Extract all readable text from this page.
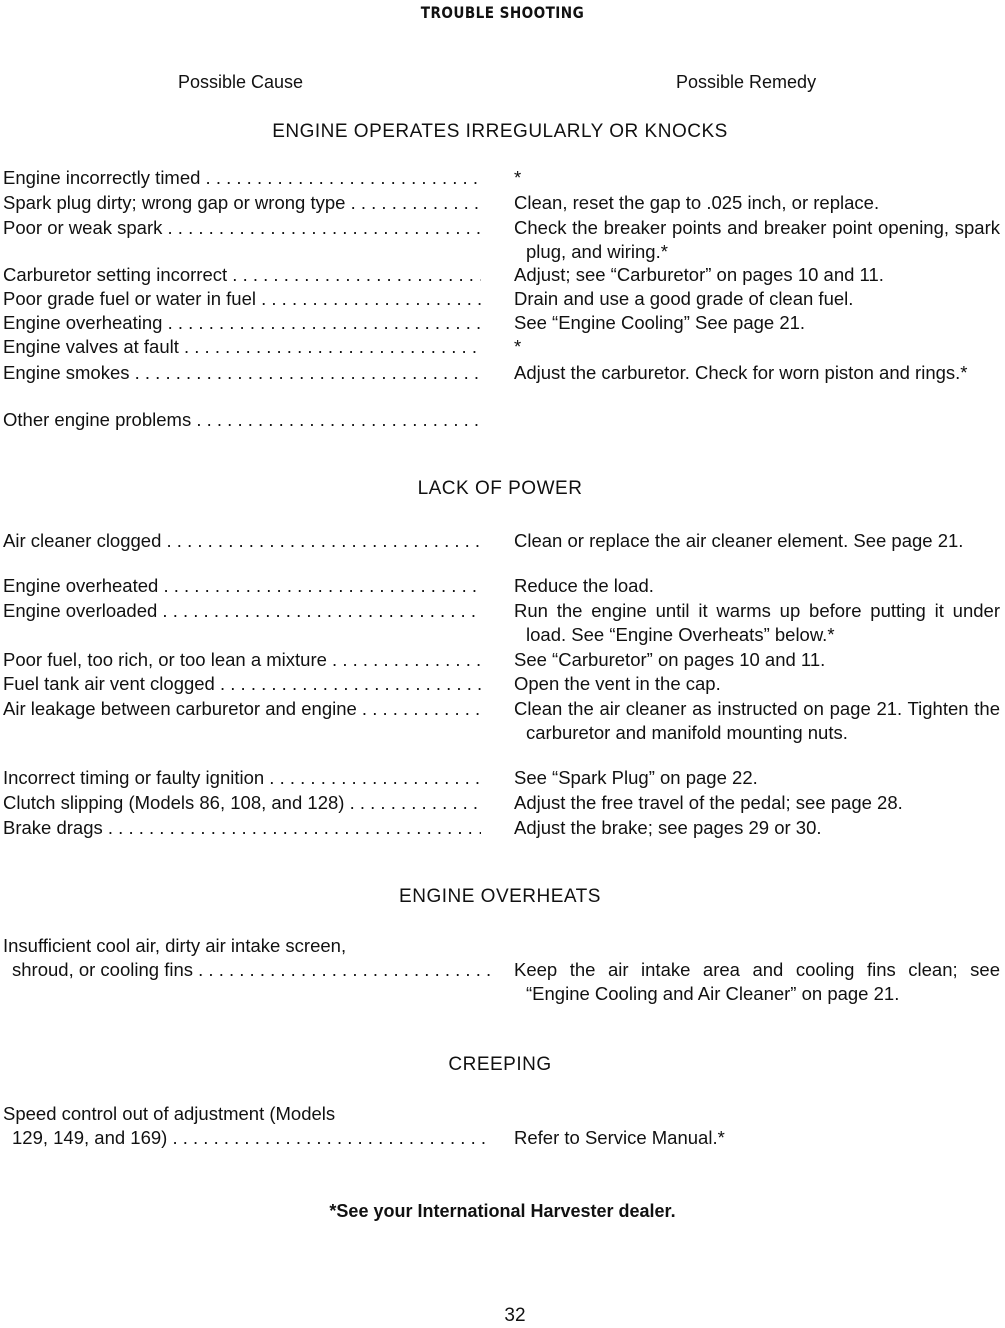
TROUBLE SHOOTING
Possible Cause	Possible Remedy
ENGINE OPERATES IRREGULARLY OR KNOCKS
Engine incorrectly timed . . .	*
Spark plug dirty; wrong gap or wrong type . . .	Clean, reset the gap to .025 inch, or replace.
Poor or weak spark . . .	Check the breaker points and breaker point opening, spark plug, and wiring.*
Carburetor setting incorrect . . .	Adjust; see “Carburetor” on pages 10 and 11.
Poor grade fuel or water in fuel . . .	Drain and use a good grade of clean fuel.
Engine overheating . . .	See “Engine Cooling” See page 21.
Engine valves at fault . . .	*
Engine smokes . . .	Adjust the carburetor. Check for worn piston and rings.*
Other engine problems . . .
LACK OF POWER
Air cleaner clogged . . .	Clean or replace the air cleaner element. See page 21.
Engine overheated . . .	Reduce the load.
Engine overloaded . . .	Run the engine until it warms up before putting it under load. See “Engine Overheats” below.*
Poor fuel, too rich, or too lean a mixture . . .	See “Carburetor” on pages 10 and 11.
Fuel tank air vent clogged . . .	Open the vent in the cap.
Air leakage between carburetor and engine . . .	Clean the air cleaner as instructed on page 21. Tighten the carburetor and manifold mounting nuts.
Incorrect timing or faulty ignition . . .	See “Spark Plug” on page 22.
Clutch slipping (Models 86, 108, and 128) . . .	Adjust the free travel of the pedal; see page 28.
Brake drags . . .	Adjust the brake; see pages 29 or 30.
ENGINE OVERHEATS
Insufficient cool air, dirty air intake screen,
shroud, or cooling fins . . .	Keep the air intake area and cooling fins clean; see “Engine Cooling and Air Cleaner” on page 21.
CREEPING
Speed control out of adjustment (Models
129, 149, and 169) . . .	Refer to Service Manual.*
*See your International Harvester dealer.
32
